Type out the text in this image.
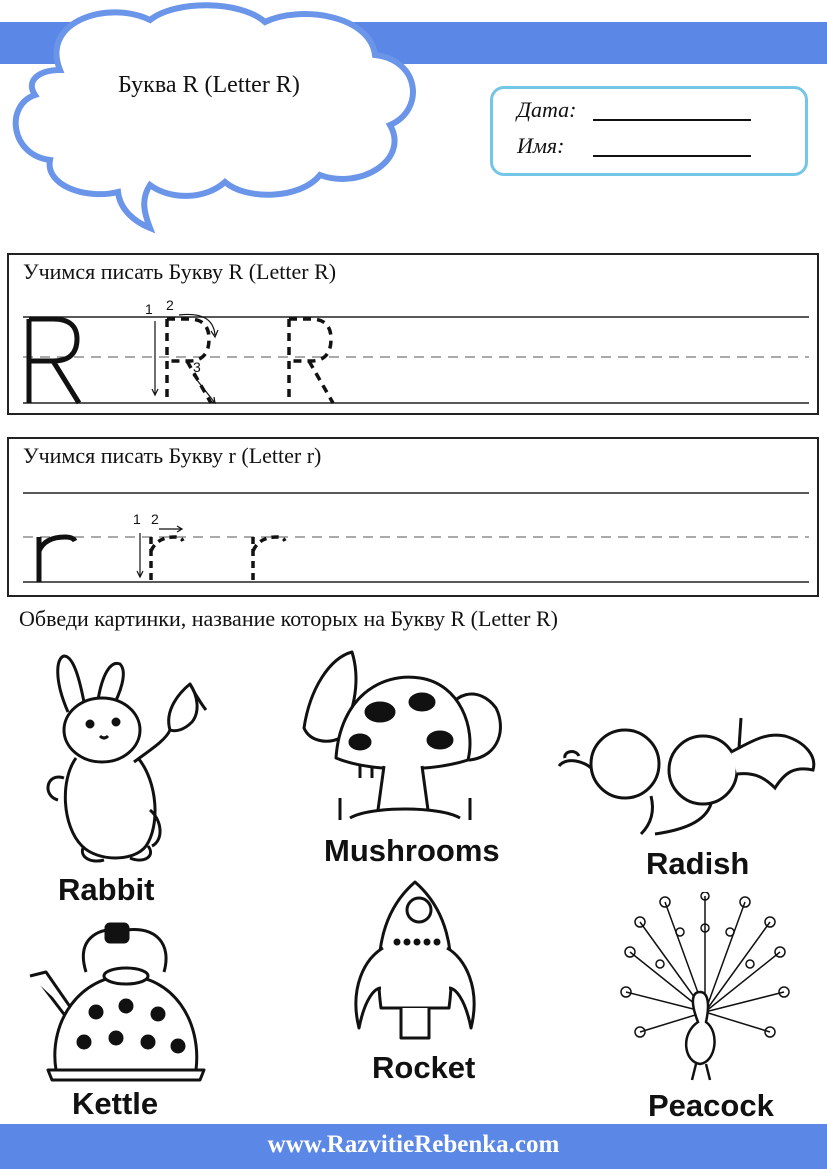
Буква R (Letter R)
Дата:
Имя:
Учимся писать Букву R (Letter R)
1 2
3
Учимся писать Букву r (Letter r)
1 2
Обведи картинки, название которых на Букву R (Letter R)
Rabbit
Mushrooms	Radish
Kettle
Rocket
Peacock
www.RazvitieRebenka.com
